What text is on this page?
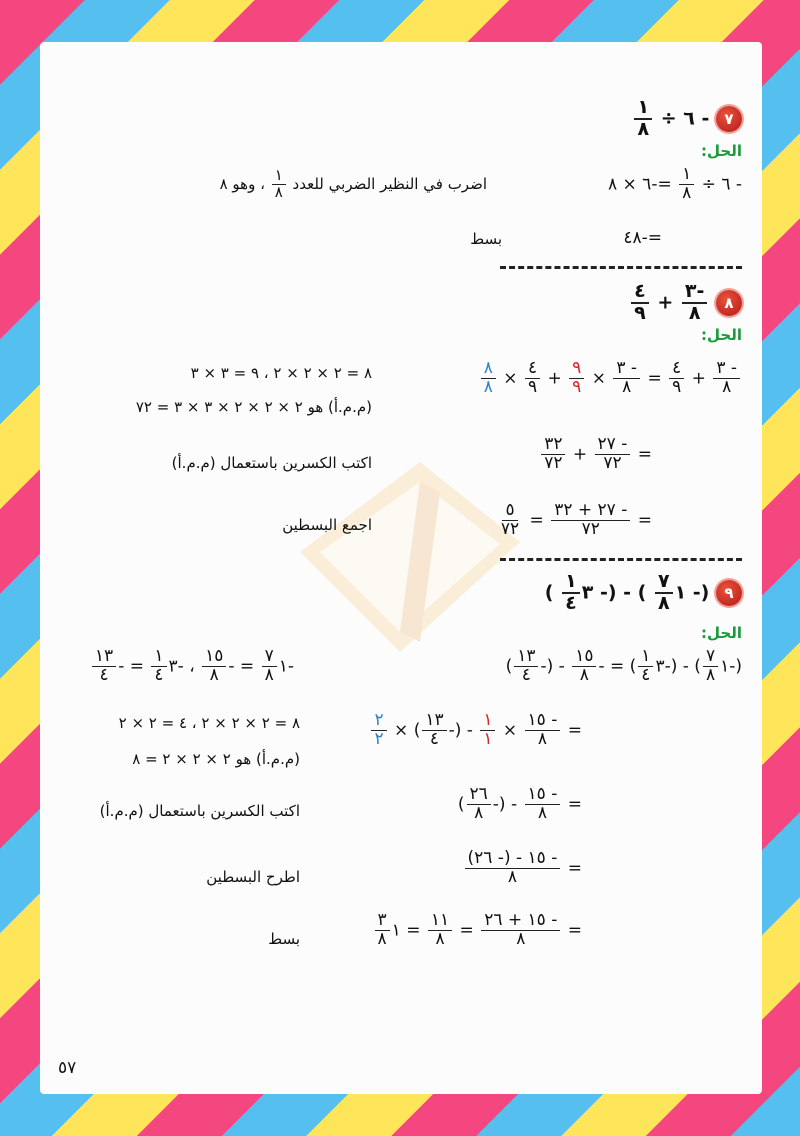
٧ - ٦ ÷
$\frac{١}{٨}$
الحل:
- ٦ ÷
$\frac{١}{٨}$
=-٦ × ٨
اضرب في النظير الضربي للعدد
$\frac{١}{٨}$
، وهو ٨
=-٤٨
بسط
٨
$\frac{-٣}{٨}$
+
$\frac{٤}{٩}$
الحل:
$\frac{- ٣}{٨}$
+
$\frac{٤}{٩}$
=
$\frac{- ٣}{٨}$
×
$\frac{٩}{٩}$
+
$\frac{٤}{٩}$
×
$\frac{٨}{٨}$
٨ = ٢ × ٢ × ٢ ، ٩ = ٣ × ٣
(م.م.أ) هو ٢ × ٢ × ٢ × ٣ × ٣ = ٧٢
=
$\frac{- ٢٧}{٧٢}$
+
$\frac{٣٢}{٧٢}$
اكتب الكسرين باستعمال (م.م.أ)
=
$\frac{- ٢٧ + ٣٢}{٧٢}$
=
$\frac{٥}{٧٢}$
اجمع البسطين
٩ (- ١
$\frac{٧}{٨}$
) - (- ٣
$\frac{١}{٤}$
)
الحل:
(-١
$\frac{٧}{٨}$
) - (-٣
$\frac{١}{٤}$
) = -
$\frac{١٥}{٨}$
- (-
$\frac{١٣}{٤}$
)
-١
$\frac{٧}{٨}$
= -
$\frac{١٥}{٨}$
، -٣
$\frac{١}{٤}$
= -
$\frac{١٣}{٤}$
=
$\frac{- ١٥}{٨}$
×
$\frac{١}{١}$
- (-
$\frac{١٣}{٤}$
) ×
$\frac{٢}{٢}$
٨ = ٢ × ٢ × ٢ ، ٤ = ٢ × ٢
(م.م.أ) هو ٢ × ٢ × ٢ = ٨
=
$\frac{- ١٥}{٨}$
- (-
$\frac{٢٦}{٨}$
)
اكتب الكسرين باستعمال (م.م.أ)
=
$\frac{- ١٥ - (- ٢٦)}{٨}$
اطرح البسطين
=
$\frac{- ١٥ + ٢٦}{٨}$
=
$\frac{١١}{٨}$
= ١
$\frac{٣}{٨}$
بسط
٥٧
